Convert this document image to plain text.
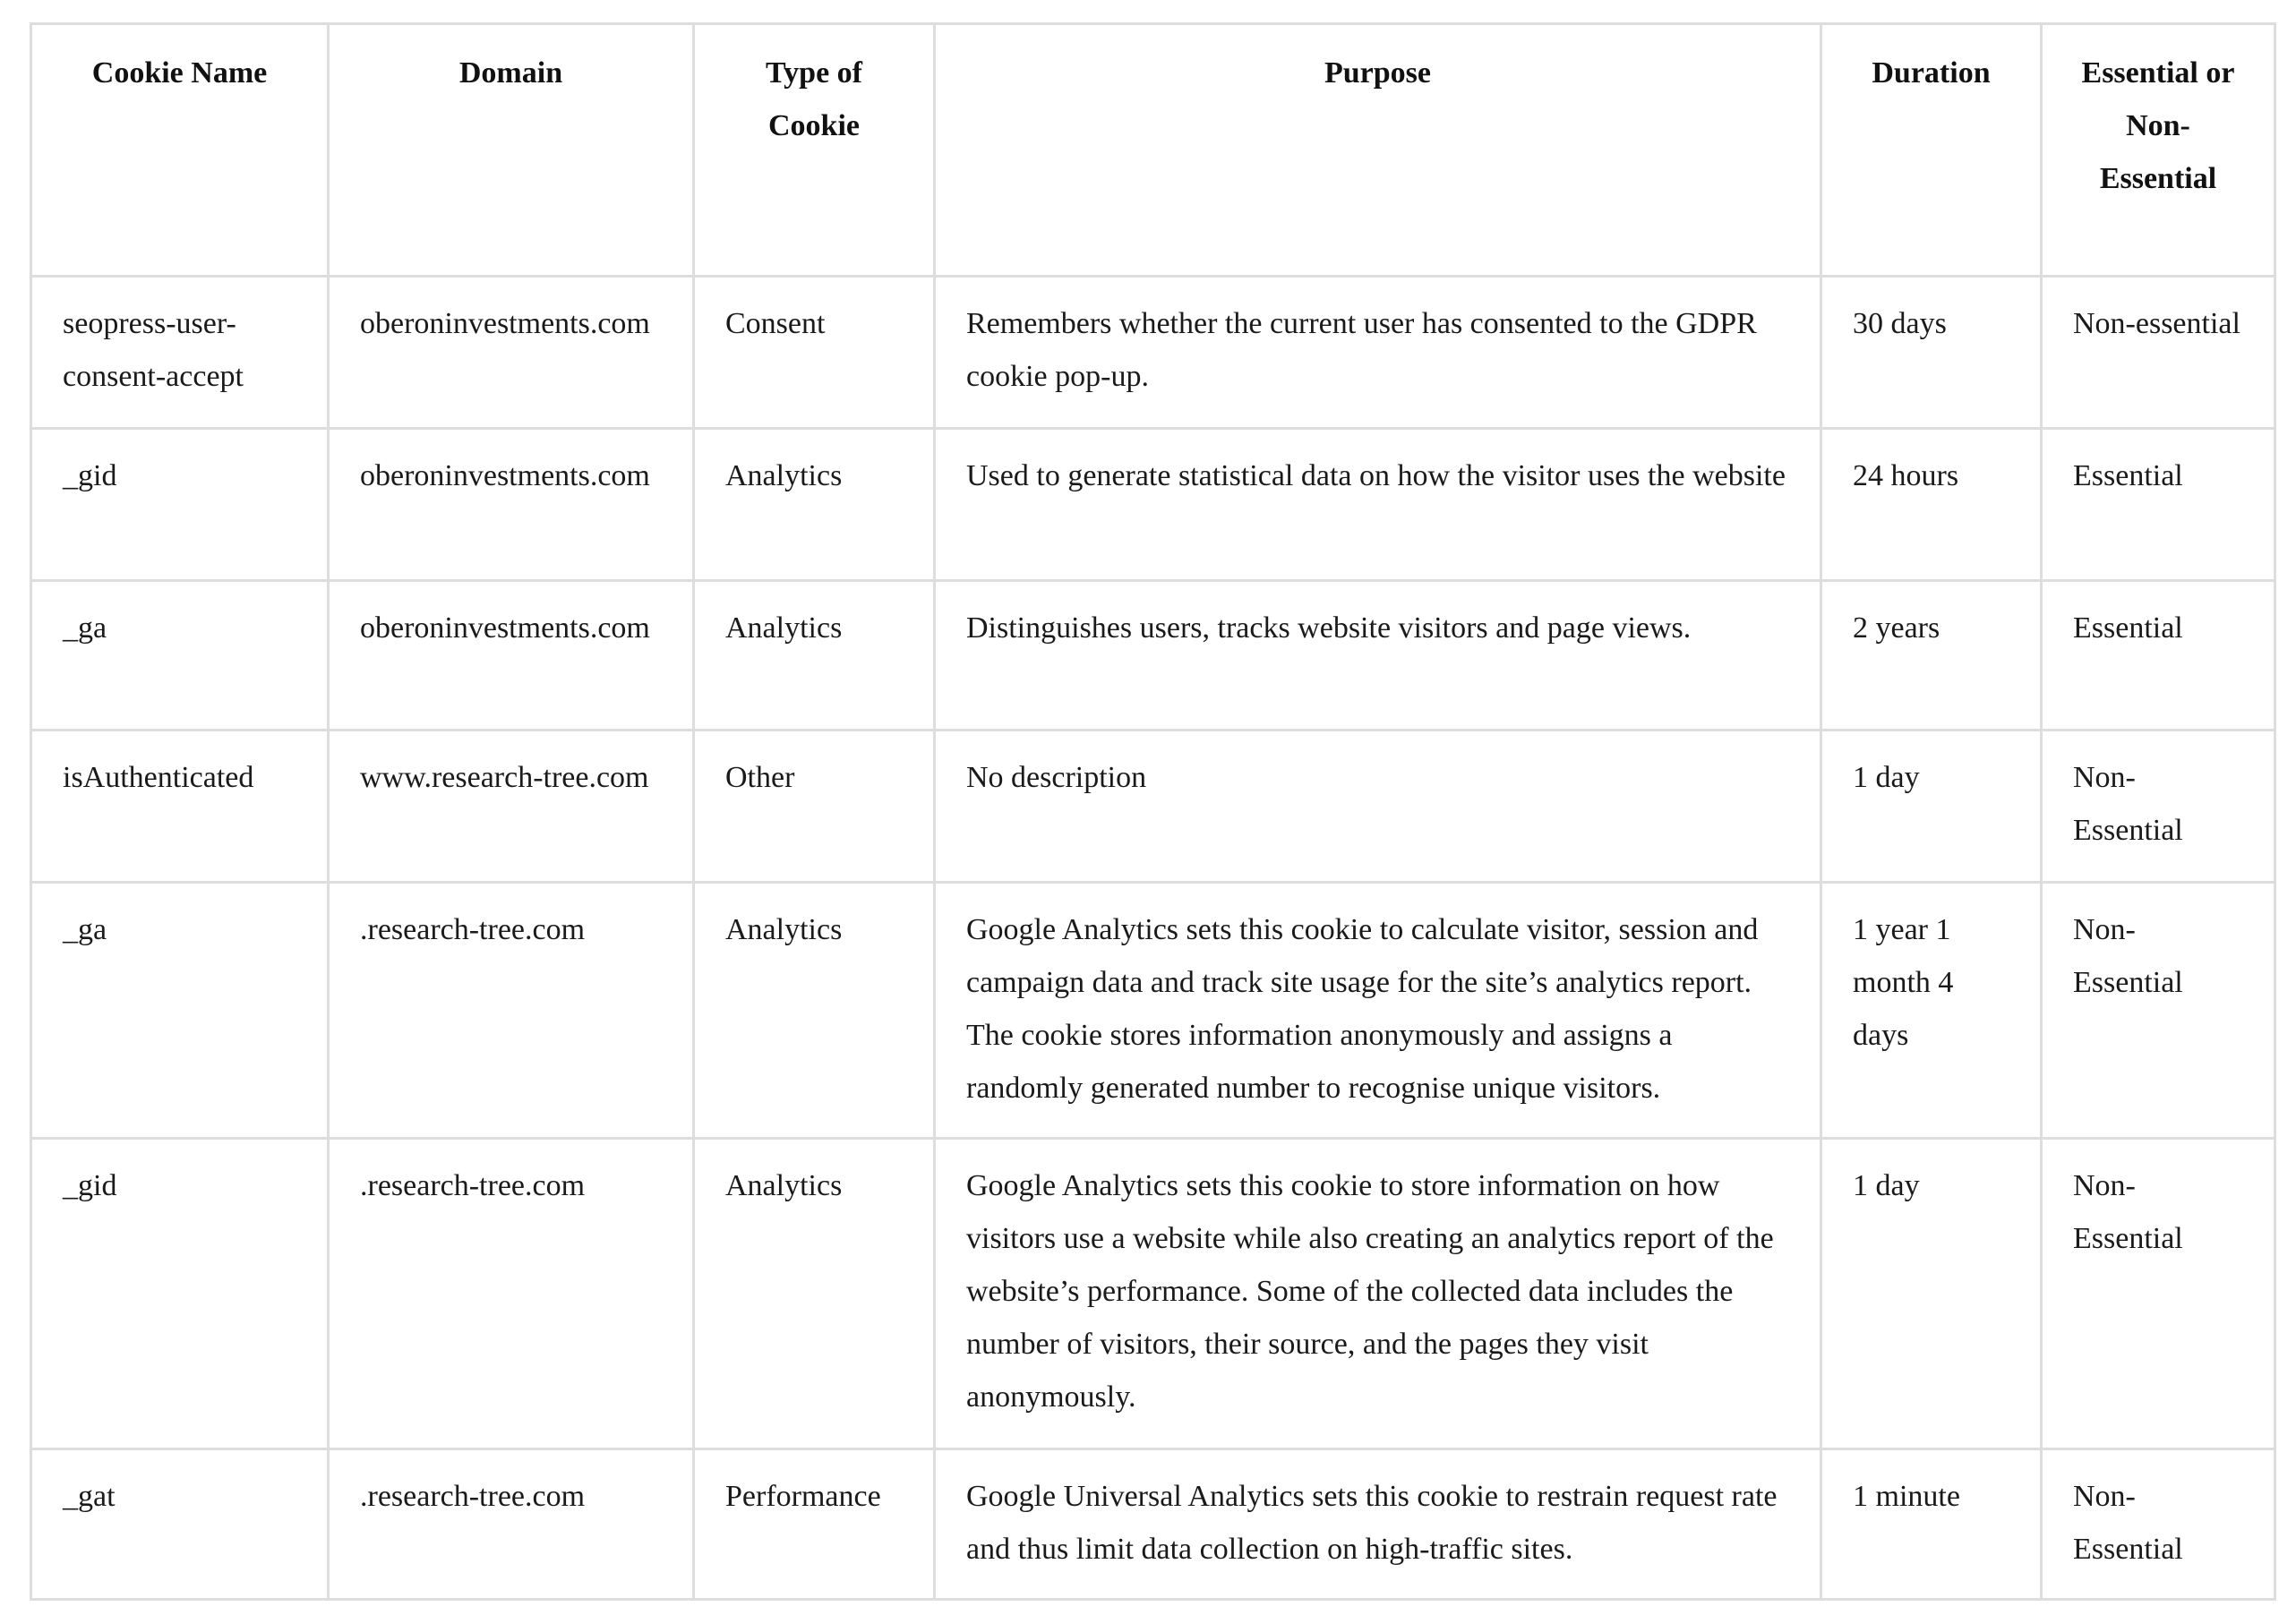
Cookie Name	Domain	Type of Cookie	Purpose	Duration	Essential or Non-Essential
seopress-user-consent-accept	oberoninvestments.com	Consent	Remembers whether the current user has consented to the GDPR cookie pop-up.	30 days	Non-essential
_gid	oberoninvestments.com	Analytics	Used to generate statistical data on how the visitor uses the website	24 hours	Essential
_ga	oberoninvestments.com	Analytics	Distinguishes users, tracks website visitors and page views.	2 years	Essential
isAuthenticated	www.research-tree.com	Other	No description	1 day	Non-Essential
_ga	.research-tree.com	Analytics	Google Analytics sets this cookie to calculate visitor, session and campaign data and track site usage for the site’s analytics report. The cookie stores information anonymously and assigns a randomly generated number to recognise unique visitors.	1 year 1 month 4 days	Non-Essential
_gid	.research-tree.com	Analytics	Google Analytics sets this cookie to store information on how visitors use a website while also creating an analytics report of the website’s performance. Some of the collected data includes the number of visitors, their source, and the pages they visit anonymously.	1 day	Non-Essential
_gat	.research-tree.com	Performance	Google Universal Analytics sets this cookie to restrain request rate and thus limit data collection on high-traffic sites.	1 minute	Non-Essential
